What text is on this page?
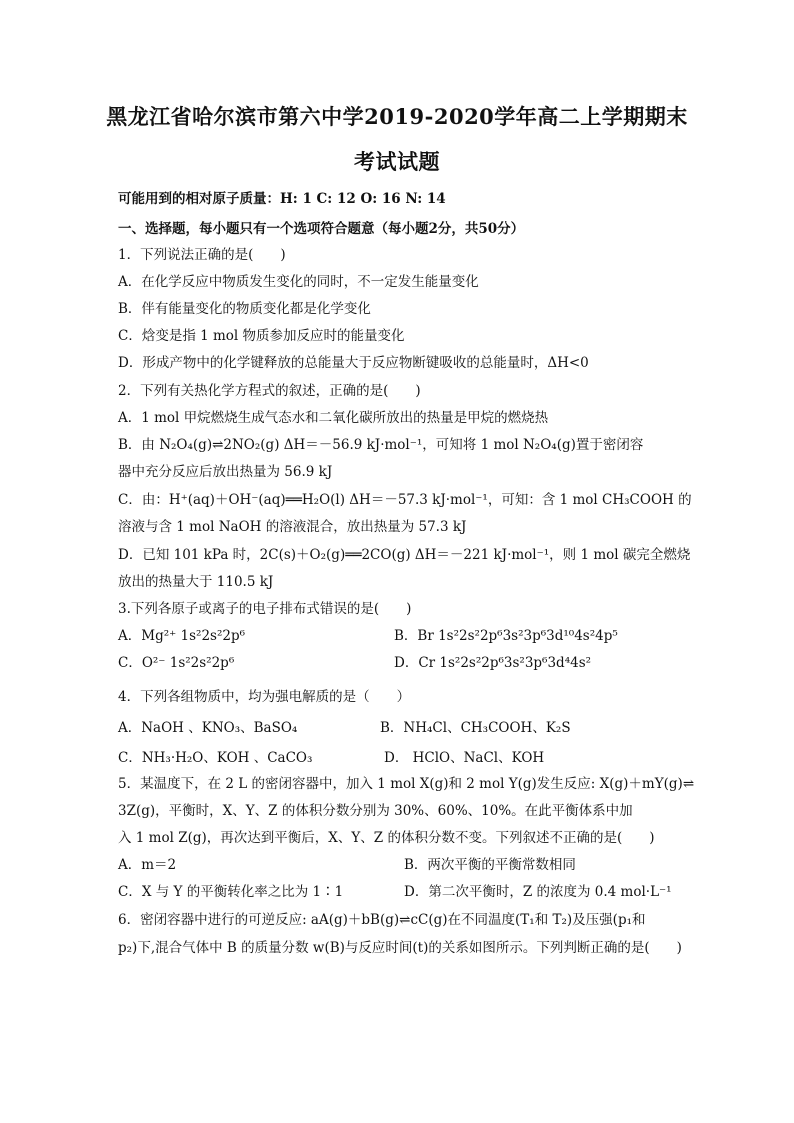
黑龙江省哈尔滨市第六中学2019-2020学年高二上学期期末
考试试题
可能用到的相对原子质量：H: 1 C: 12 O: 16 N: 14
一、选择题，每小题只有一个选项符合题意（每小题2分，共50分）
1．下列说法正确的是(　　)
A．在化学反应中物质发生变化的同时，不一定发生能量变化
B．伴有能量变化的物质变化都是化学变化
C．焓变是指 1 mol 物质参加反应时的能量变化
D．形成产物中的化学键释放的总能量大于反应物断键吸收的总能量时，ΔH<0
2．下列有关热化学方程式的叙述，正确的是(　　)
A．1 mol 甲烷燃烧生成气态水和二氧化碳所放出的热量是甲烷的燃烧热
B．由 N₂O₄(g)⇌2NO₂(g) ΔH＝－56.9 kJ·mol⁻¹，可知将 1 mol N₂O₄(g)置于密闭容
器中充分反应后放出热量为 56.9 kJ
C．由：H⁺(aq)＋OH⁻(aq)══H₂O(l) ΔH＝－57.3 kJ·mol⁻¹，可知：含 1 mol CH₃COOH 的
溶液与含 1 mol NaOH 的溶液混合，放出热量为 57.3 kJ
D．已知 101 kPa 时，2C(s)＋O₂(g)══2CO(g) ΔH＝－221 kJ·mol⁻¹，则 1 mol 碳完全燃烧
放出的热量大于 110.5 kJ
3.下列各原子或离子的电子排布式错误的是(　　)
A．Mg²⁺ 1s²2s²2p⁶	B．Br 1s²2s²2p⁶3s²3p⁶3d¹⁰4s²4p⁵
C．O²⁻ 1s²2s²2p⁶	D．Cr 1s²2s²2p⁶3s²3p⁶3d⁴4s²
4．下列各组物质中，均为强电解质的是（　　）
A．NaOH 、KNO₃、BaSO₄	B．NH₄Cl、CH₃COOH、K₂S
C．NH₃·H₂O、KOH 、CaCO₃	D． HClO、NaCl、KOH
5．某温度下，在 2 L 的密闭容器中，加入 1 mol X(g)和 2 mol Y(g)发生反应: X(g)＋mY(g)⇌
3Z(g)，平衡时，X、Y、Z 的体积分数分别为 30%、60%、10%。在此平衡体系中加
入 1 mol Z(g)，再次达到平衡后，X、Y、Z 的体积分数不变。下列叙述不正确的是(　　)
A．m＝2	B．两次平衡的平衡常数相同
C．X 与 Y 的平衡转化率之比为 1∶1	D．第二次平衡时，Z 的浓度为 0.4 mol·L⁻¹
6．密闭容器中进行的可逆反应: aA(g)＋bB(g)⇌cC(g)在不同温度(T₁和 T₂)及压强(p₁和
p₂)下,混合气体中 B 的质量分数 w(B)与反应时间(t)的关系如图所示。下列判断正确的是(　　)
